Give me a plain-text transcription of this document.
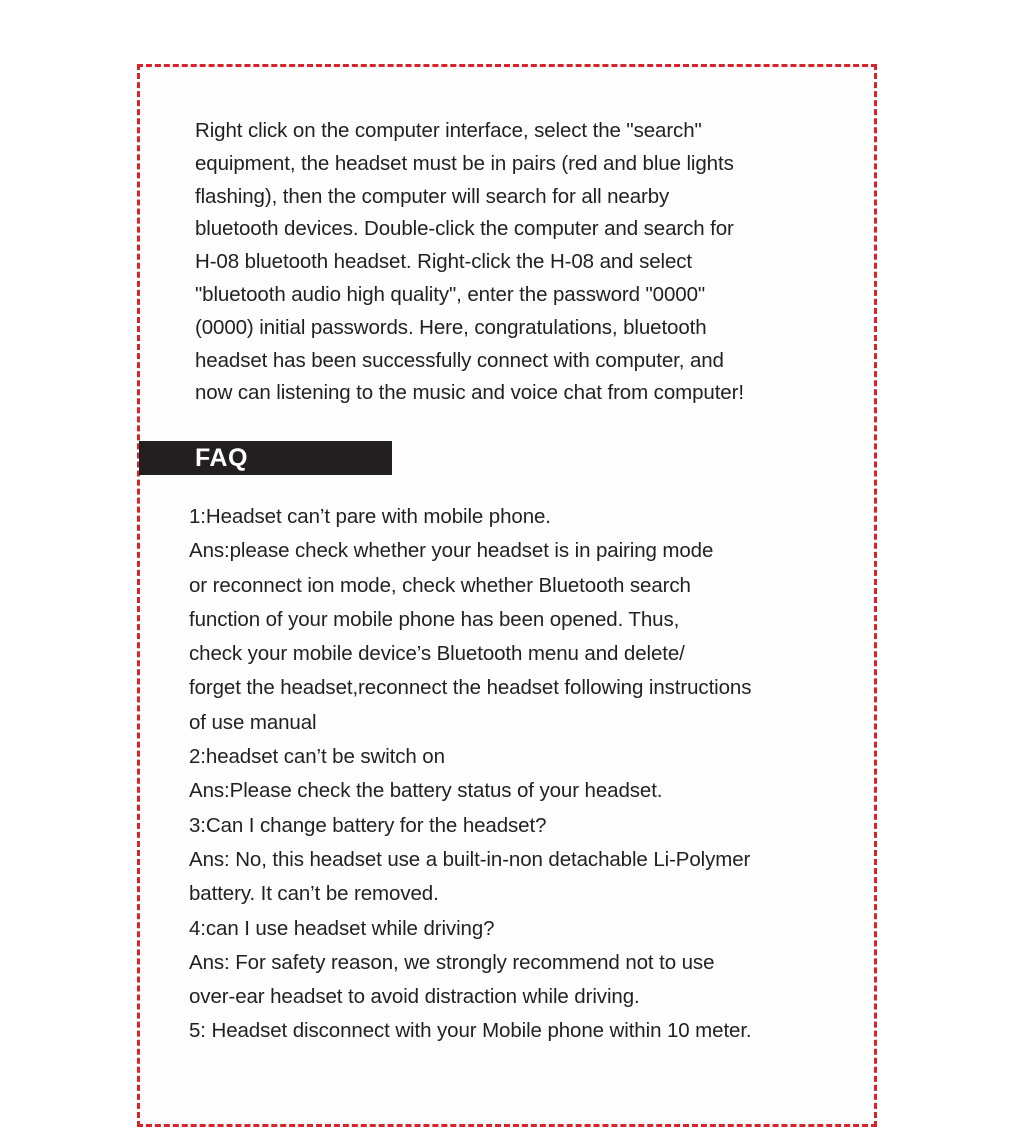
Right click on the computer interface, select the "search"
equipment, the headset must be in pairs (red and blue lights
flashing), then the computer will search for all nearby
bluetooth devices. Double-click the computer and search for
H-08 bluetooth headset. Right-click the H-08 and select
"bluetooth audio high quality", enter the password "0000"
(0000) initial passwords. Here, congratulations, bluetooth
headset has been successfully connect with computer, and
now can listening to the music and voice chat from computer!
FAQ
1:Headset can’t pare with mobile phone.
Ans:please check whether your headset is in pairing mode
or reconnect ion mode, check whether Bluetooth search
function of your mobile phone has been opened. Thus,
check your mobile device’s Bluetooth menu and delete/
forget the headset,reconnect the headset following instructions
of use manual
2:headset can’t be switch on
Ans:Please check the battery status of your headset.
3:Can I change battery for the headset?
Ans: No, this headset use a built-in-non detachable Li-Polymer
battery. It can’t be removed.
4:can I use headset while driving?
Ans: For safety reason, we strongly recommend not to use
over-ear headset to avoid distraction while driving.
5: Headset disconnect with your Mobile phone within 10 meter.
